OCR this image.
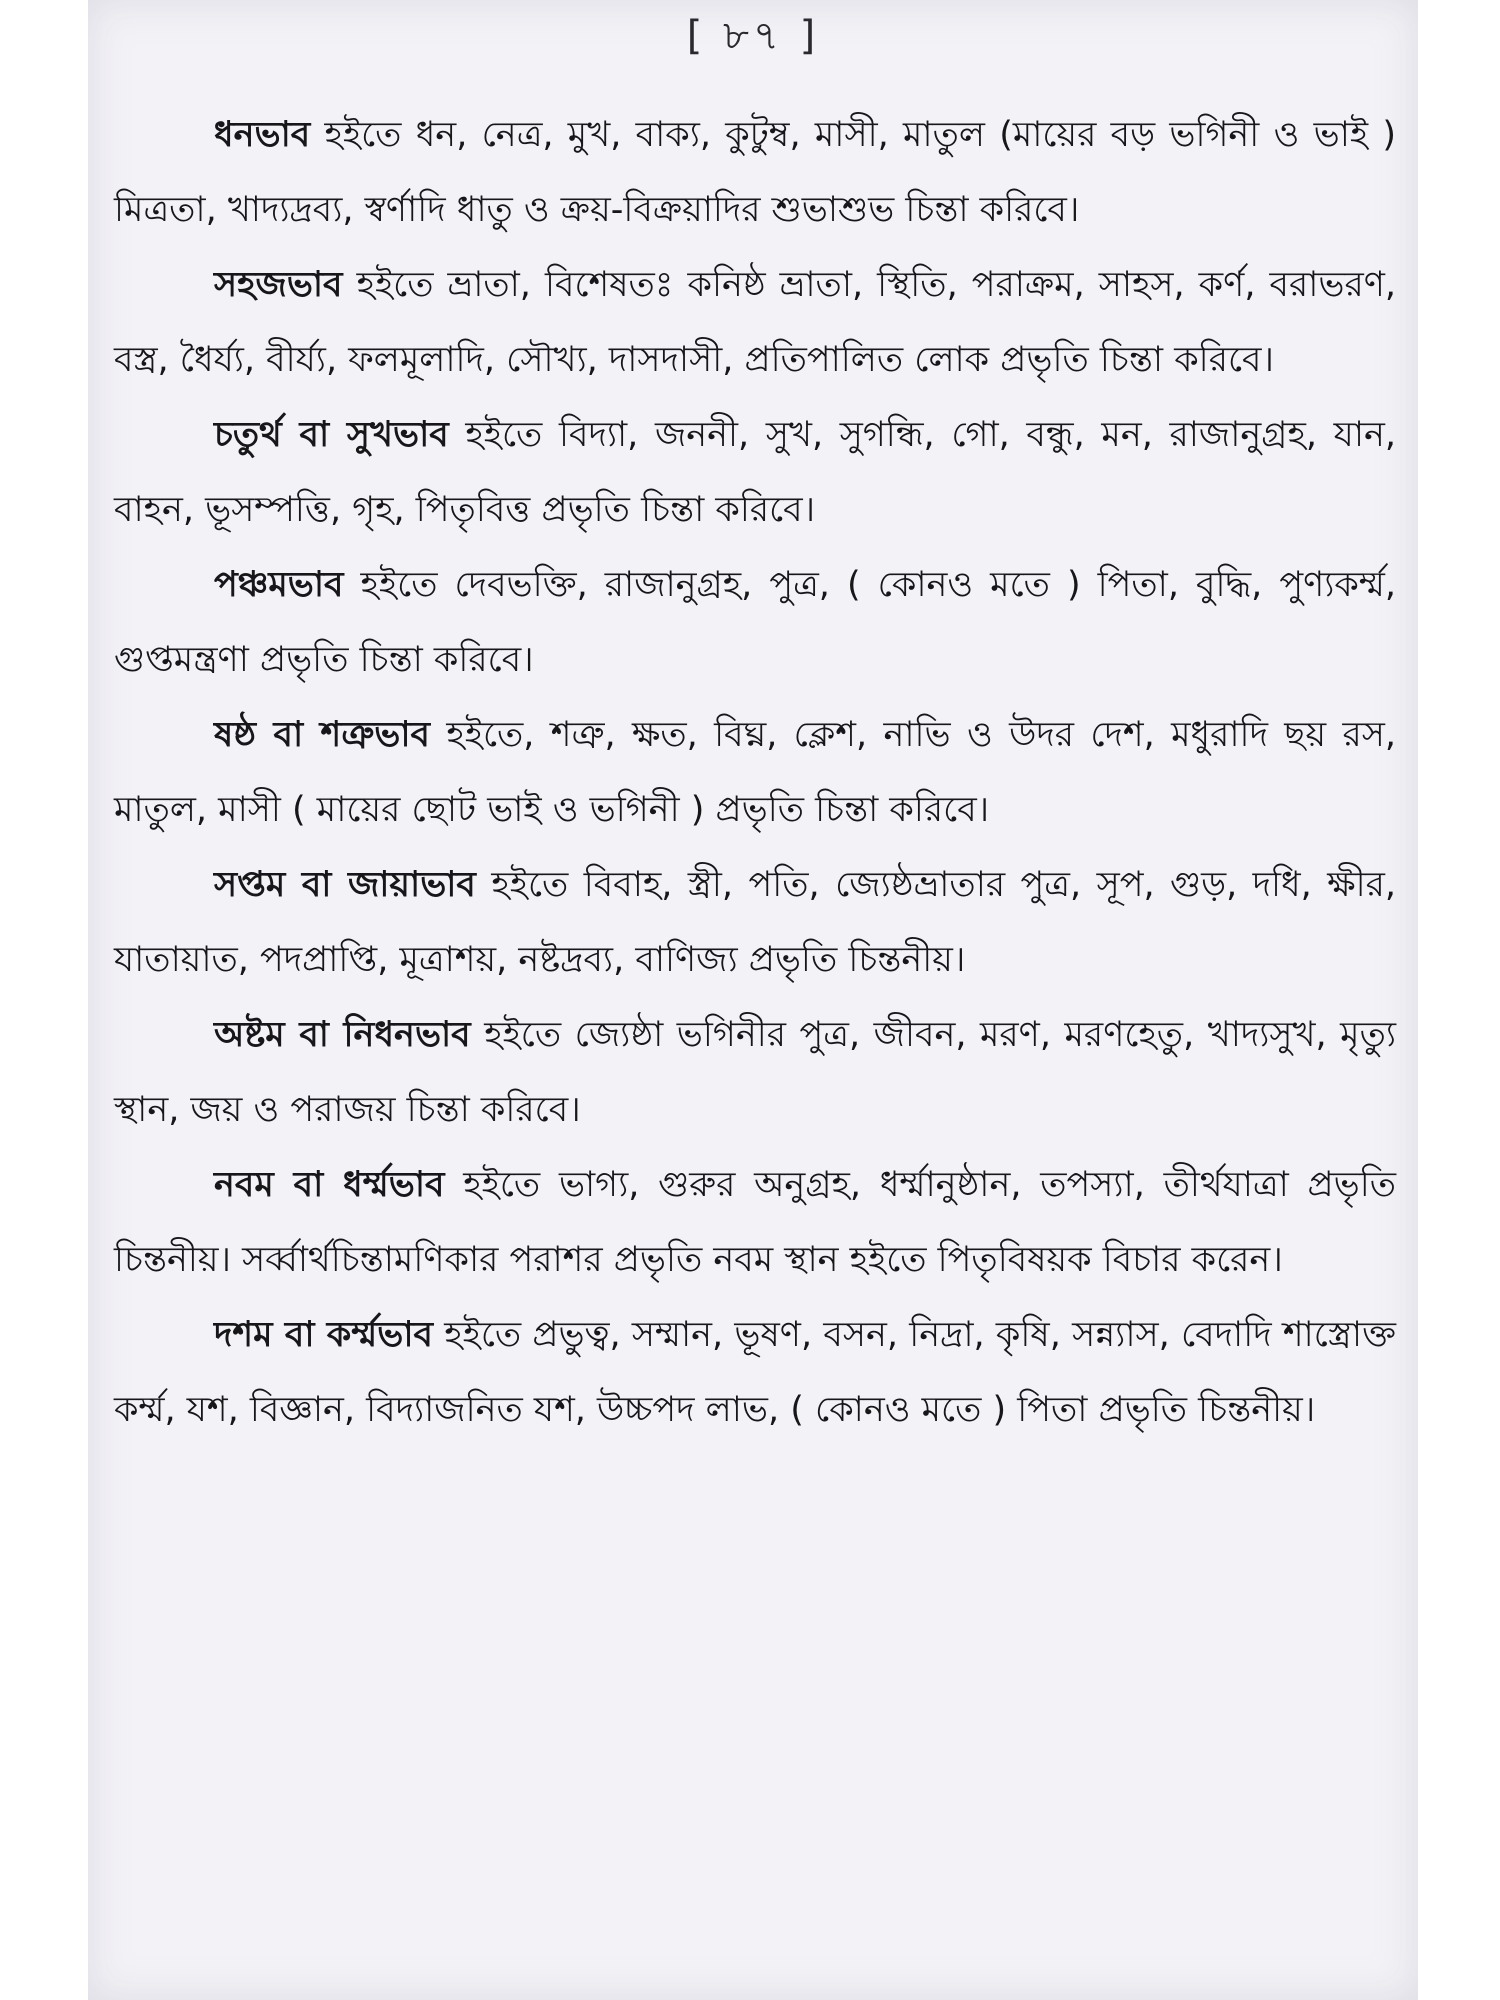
[ ৮৭ ]

ধনভাব হইতে ধন, নেত্র, মুখ, বাক্য, কুটুম্ব, মাসী, মাতুল (মায়ের বড় ভগিনী ও ভাই ) মিত্রতা, খাদ্যদ্রব্য, স্বর্ণাদি ধাতু ও ক্রয়-বিক্রয়াদির শুভাশুভ চিন্তা করিবে।

সহজভাব হইতে ভ্রাতা, বিশেষতঃ কনিষ্ঠ ভ্রাতা, স্থিতি, পরাক্রম, সাহস, কর্ণ, বরাভরণ, বস্ত্র, ধৈর্য্য, বীর্য্য, ফলমূলাদি, সৌখ্য, দাসদাসী, প্রতিপালিত লোক প্রভৃতি চিন্তা করিবে।

চতুর্থ বা সুখভাব হইতে বিদ্যা, জননী, সুখ, সুগন্ধি, গো, বন্ধু, মন, রাজানুগ্রহ, যান, বাহন, ভূসম্পত্তি, গৃহ, পিতৃবিত্ত প্রভৃতি চিন্তা করিবে।

পঞ্চমভাব হইতে দেবভক্তি, রাজানুগ্রহ, পুত্র, ( কোনও মতে ) পিতা, বুদ্ধি, পুণ্যকর্ম্ম, গুপ্তমন্ত্রণা প্রভৃতি চিন্তা করিবে।

ষষ্ঠ বা শত্রুভাব হইতে, শত্রু, ক্ষত, বিঘ্ন, ক্লেশ, নাভি ও উদর দেশ, মধুরাদি ছয় রস, মাতুল, মাসী ( মায়ের ছোট ভাই ও ভগিনী ) প্রভৃতি চিন্তা করিবে।

সপ্তম বা জায়াভাব হইতে বিবাহ, স্ত্রী, পতি, জ্যেষ্ঠভ্রাতার পুত্র, সূপ, গুড়, দধি, ক্ষীর, যাতায়াত, পদপ্রাপ্তি, মূত্রাশয়, নষ্টদ্রব্য, বাণিজ্য প্রভৃতি চিন্তনীয়।

অষ্টম বা নিধনভাব হইতে জ্যেষ্ঠা ভগিনীর পুত্র, জীবন, মরণ, মরণহেতু, খাদ্যসুখ, মৃত্যু স্থান, জয় ও পরাজয় চিন্তা করিবে।

নবম বা ধর্ম্মভাব হইতে ভাগ্য, গুরুর অনুগ্রহ, ধর্ম্মানুষ্ঠান, তপস্যা, তীর্থযাত্রা প্রভৃতি চিন্তনীয়। সর্ব্বার্থচিন্তামণিকার পরাশর প্রভৃতি নবম স্থান হইতে পিতৃবিষয়ক বিচার করেন।

দশম বা কর্ম্মভাব হইতে প্রভুত্ব, সম্মান, ভূষণ, বসন, নিদ্রা, কৃষি, সন্ন্যাস, বেদাদি শাস্ত্রোক্ত কর্ম্ম, যশ, বিজ্ঞান, বিদ্যাজনিত যশ, উচ্চপদ লাভ, ( কোনও মতে ) পিতা প্রভৃতি চিন্তনীয়।
